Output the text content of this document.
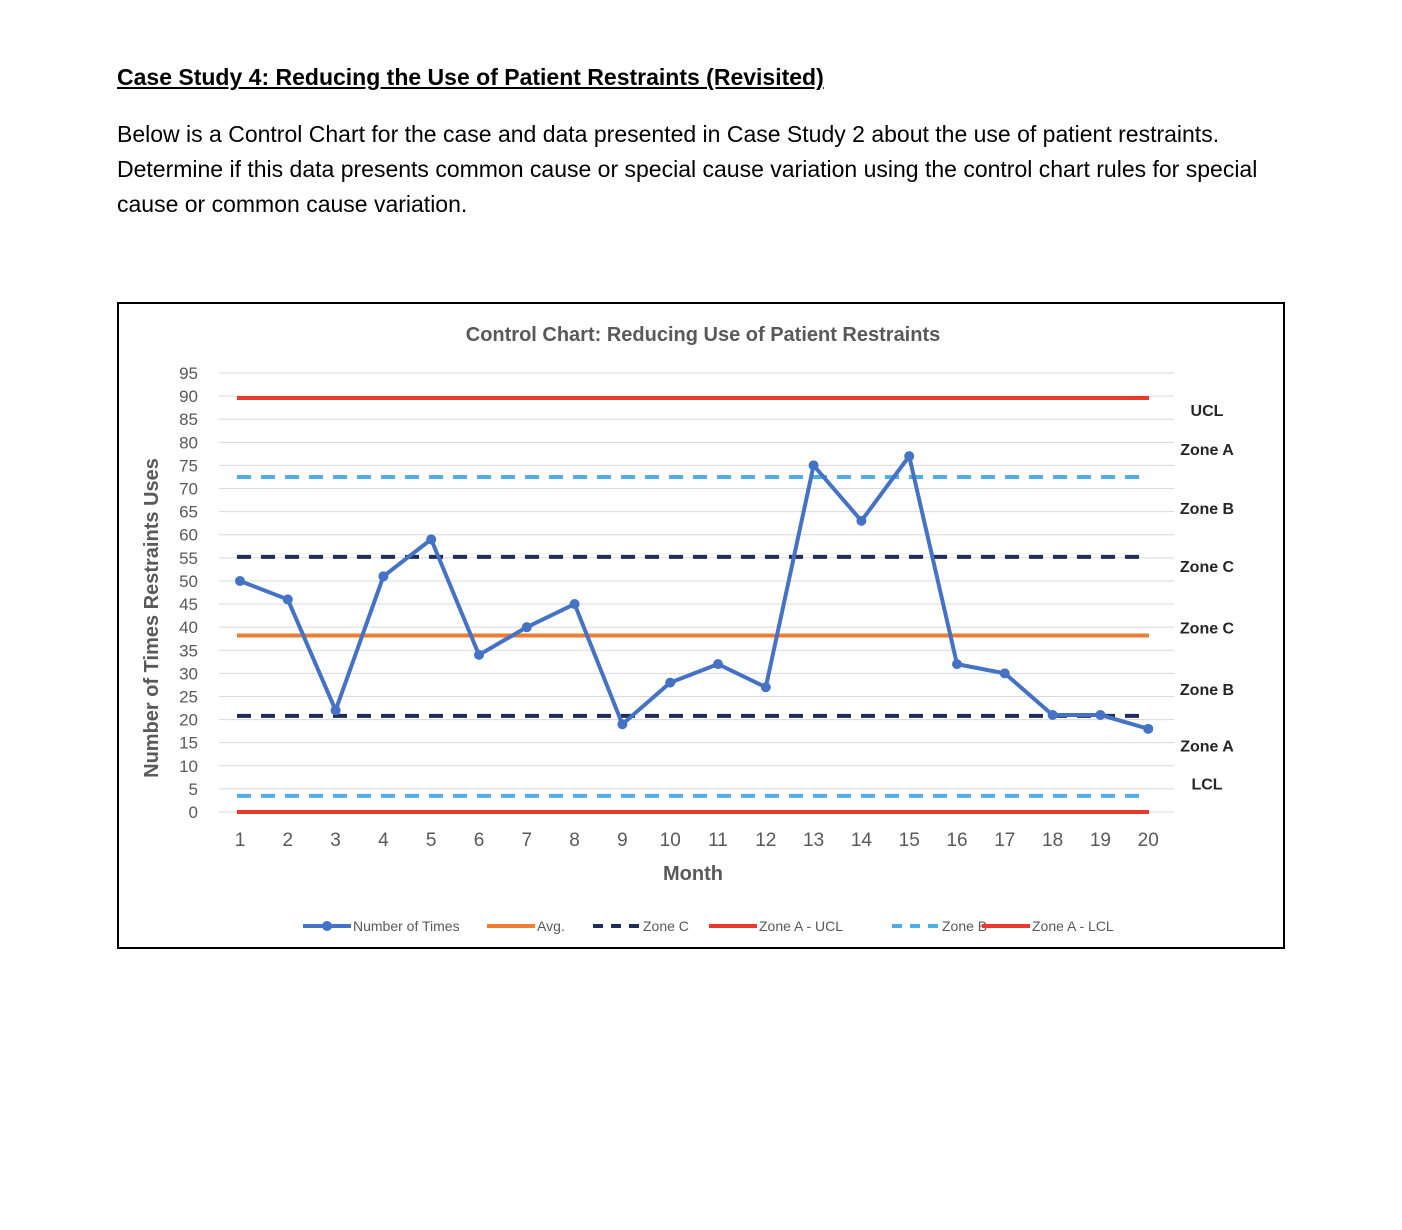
Case Study 4: Reducing the Use of Patient Restraints (Revisited)

Below is a Control Chart for the case and data presented in Case Study 2 about the use of patient restraints. Determine if this data presents common cause or special cause variation using the control chart rules for special cause or common cause variation.

Control Chart: Reducing Use of Patient Restraints
Number of Times Restraints Uses
Month
0
5
10
15
20
25
30
35
40
45
50
55
60
65
70
75
80
85
90
95
1 2 3 4 5 6 7 8 9 10 11 12 13 14 15 16 17 18 19 20
UCL
Zone A
Zone B
Zone C
Zone C
Zone B
Zone A
LCL
Number of Times	Avg.	Zone C	Zone A - UCL	Zone B	Zone A - LCL
